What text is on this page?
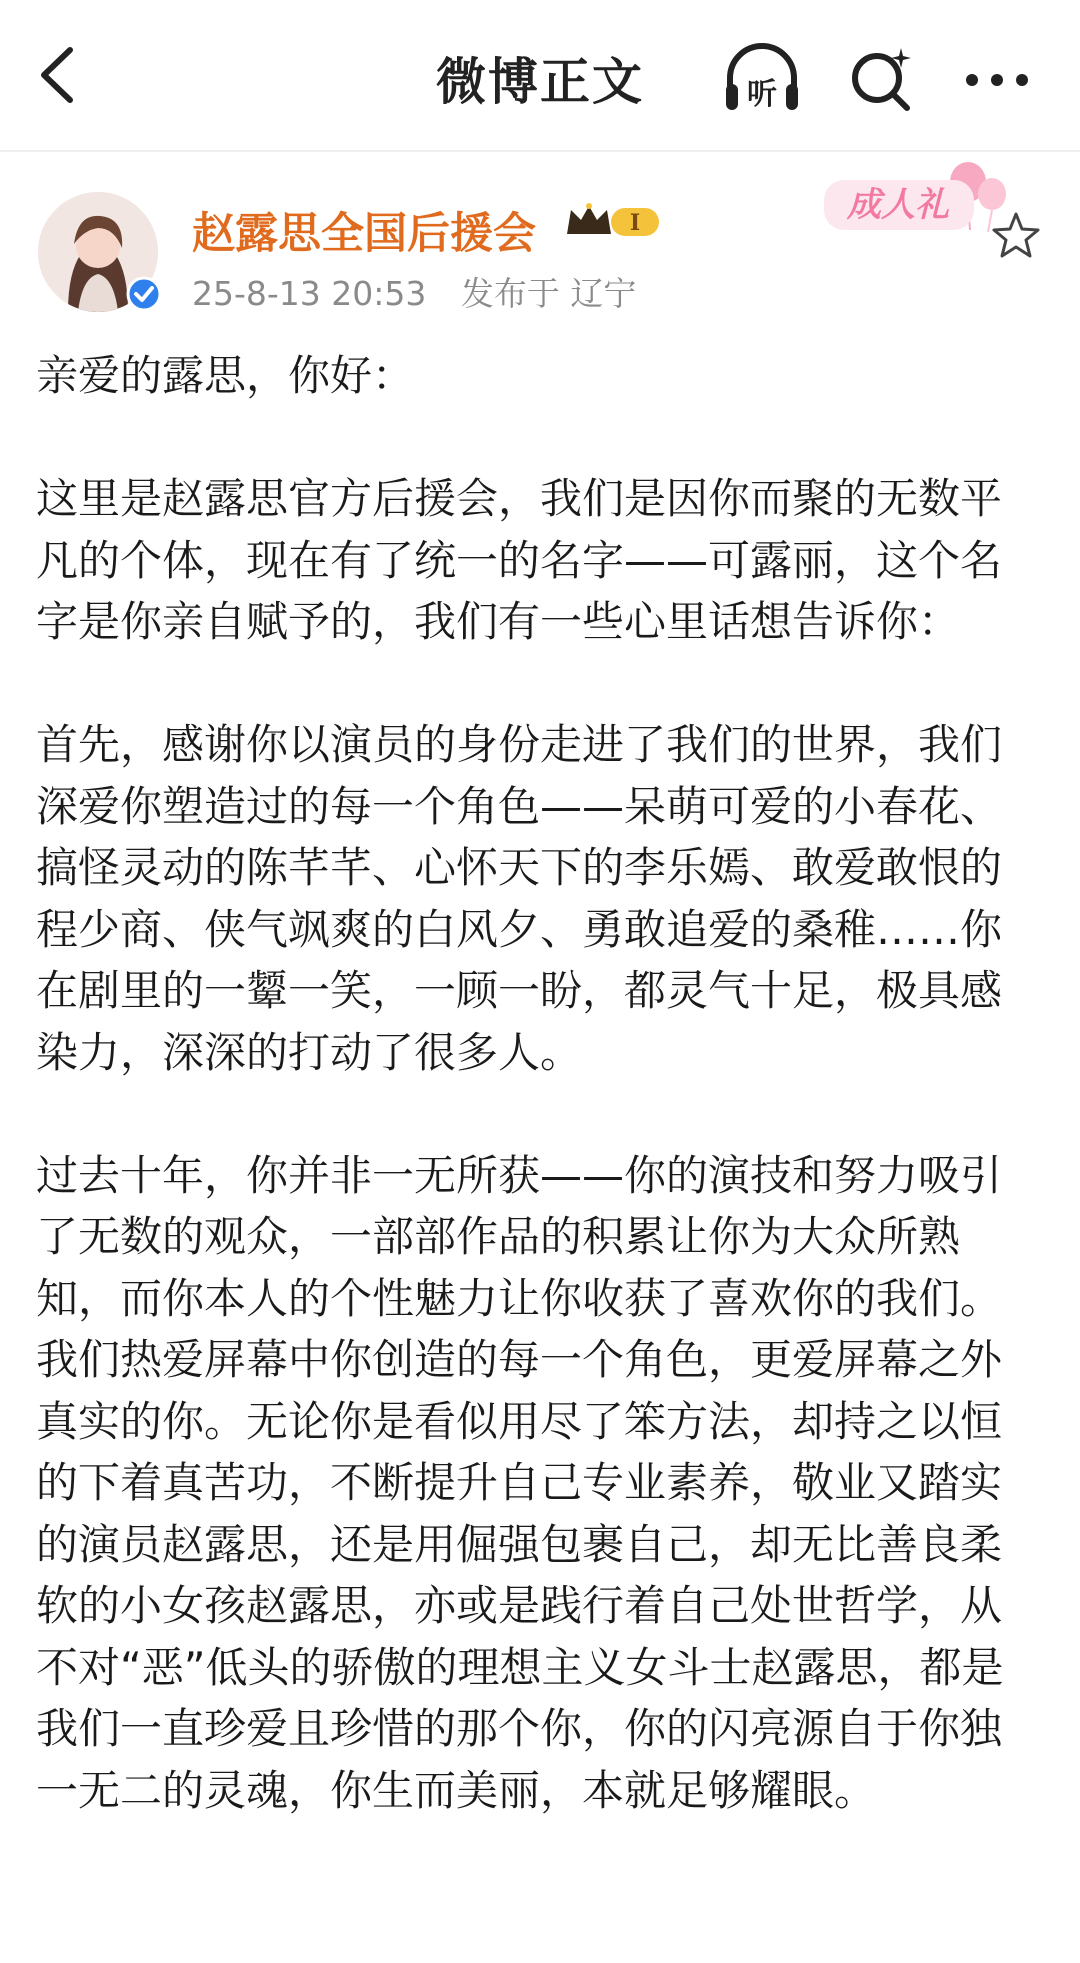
微博正文	听
赵露思全国后援会	I
25-8-13 20:53 发布于 辽宁
成人礼

亲爱的露思，你好：

这里是赵露思官方后援会，我们是因你而聚的无数平凡的个体，现在有了统一的名字——可露丽，这个名字是你亲自赋予的，我们有一些心里话想告诉你：

首先，感谢你以演员的身份走进了我们的世界，我们深爱你塑造过的每一个角色——呆萌可爱的小春花、搞怪灵动的陈芊芊、心怀天下的李乐嫣、敢爱敢恨的程少商、侠气飒爽的白风夕、勇敢追爱的桑稚……你在剧里的一颦一笑，一顾一盼，都灵气十足，极具感染力，深深的打动了很多人。

过去十年，你并非一无所获——你的演技和努力吸引了无数的观众，一部部作品的积累让你为大众所熟知，而你本人的个性魅力让你收获了喜欢你的我们。我们热爱屏幕中你创造的每一个角色，更爱屏幕之外真实的你。无论你是看似用尽了笨方法，却持之以恒的下着真苦功，不断提升自己专业素养，敬业又踏实的演员赵露思，还是用倔强包裹自己，却无比善良柔软的小女孩赵露思，亦或是践行着自己处世哲学，从不对“恶”低头的骄傲的理想主义女斗士赵露思，都是我们一直珍爱且珍惜的那个你，你的闪亮源自于你独一无二的灵魂，你生而美丽，本就足够耀眼。
